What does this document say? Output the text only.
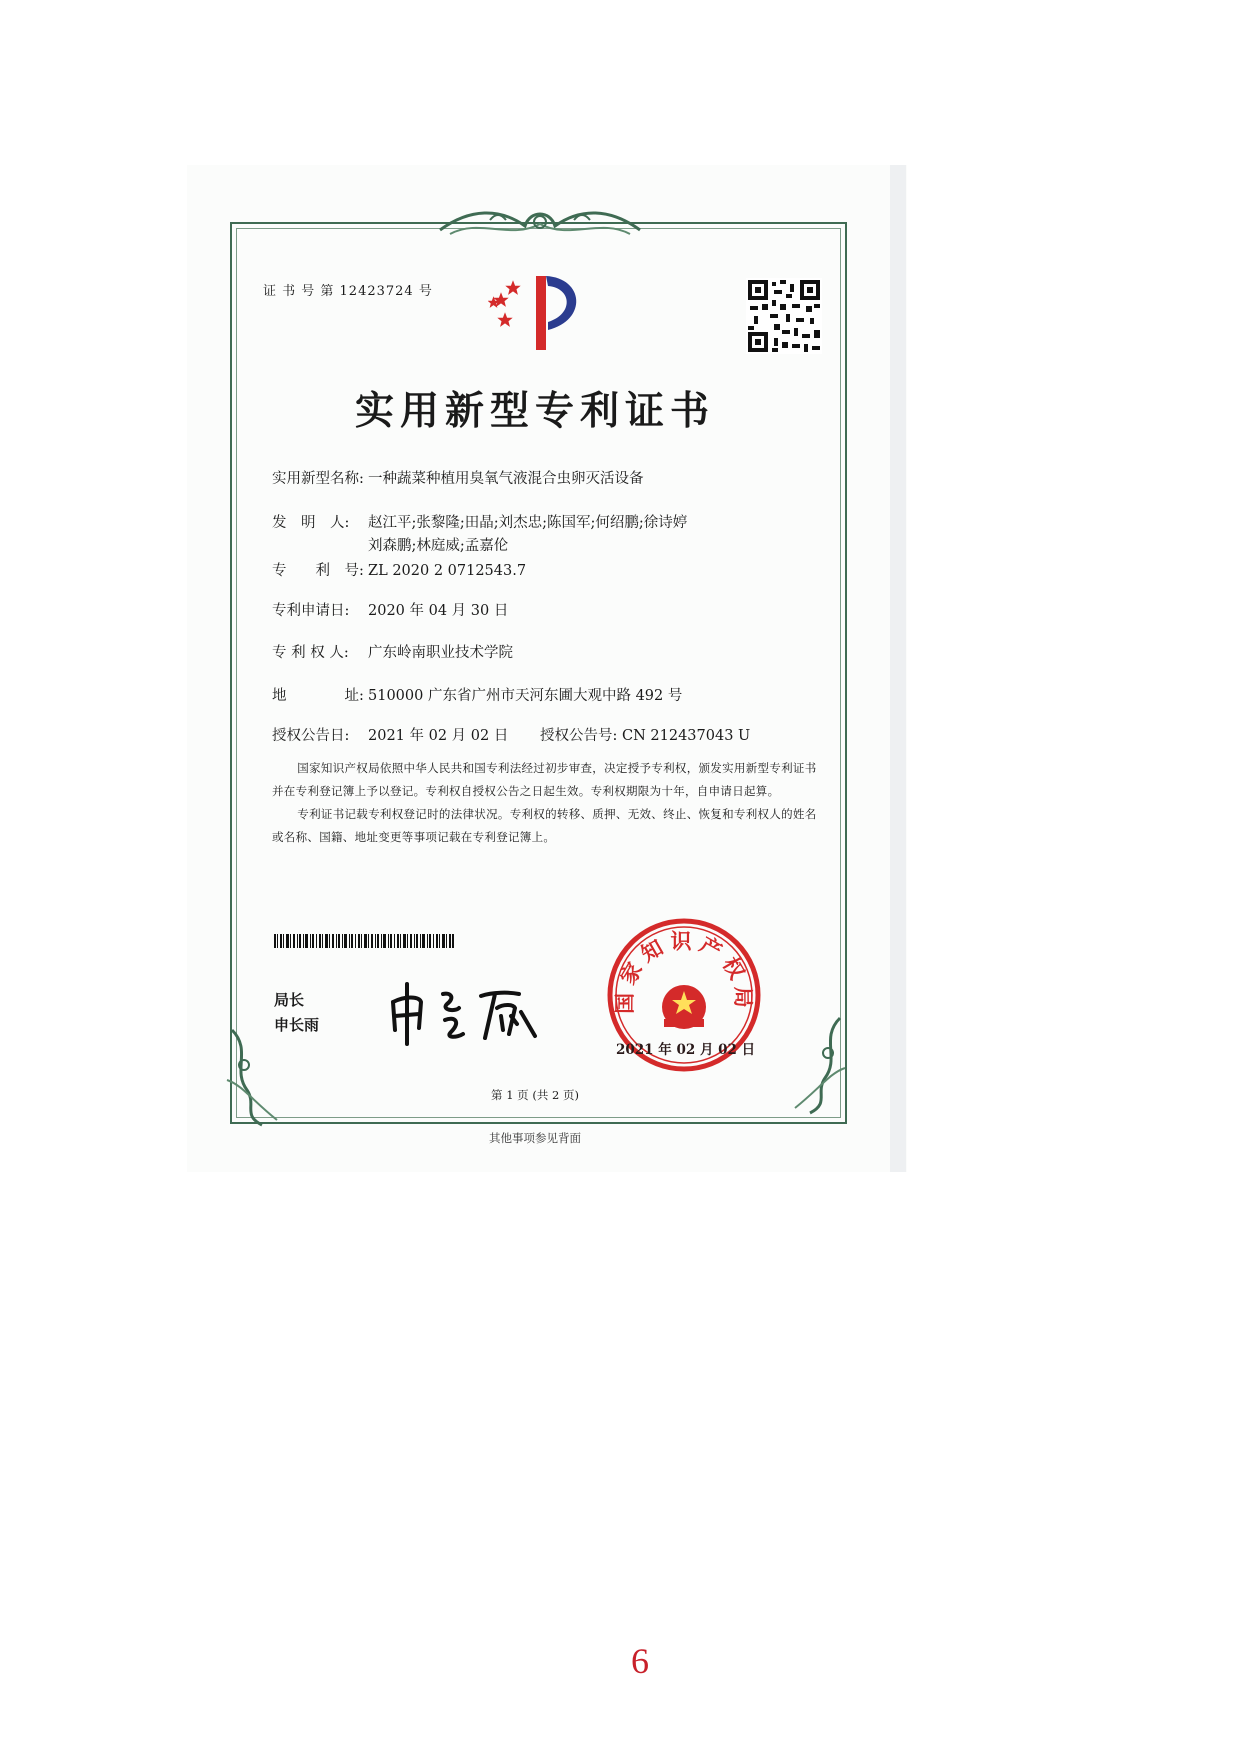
证 书 号 第 12423724 号
实用新型专利证书
实用新型名称: 一种蔬菜种植用臭氧气液混合虫卵灭活设备
发　明　人: 赵江平;张黎隆;田晶;刘杰忠;陈国军;何绍鹏;徐诗婷
刘森鹏;林庭威;孟嘉伦
专　　利　号: ZL 2020 2 0712543.7
专利申请日: 2020 年 04 月 30 日
专 利 权 人: 广东岭南职业技术学院
地　　　　址: 510000 广东省广州市天河东圃大观中路 492 号
授权公告日: 2021 年 02 月 02 日 授权公告号: CN 212437043 U

国家知识产权局依照中华人民共和国专利法经过初步审查，决定授予专利权，颁发实用新型专利证书并在专利登记簿上予以登记。专利权自授权公告之日起生效。专利权期限为十年，自申请日起算。

专利证书记载专利权登记时的法律状况。专利权的转移、质押、无效、终止、恢复和专利权人的姓名或名称、国籍、地址变更等事项记载在专利登记簿上。

局长
申长雨
国家知识产权局
2021 年 02 月 02 日
第 1 页 (共 2 页)
其他事项参见背面
6
